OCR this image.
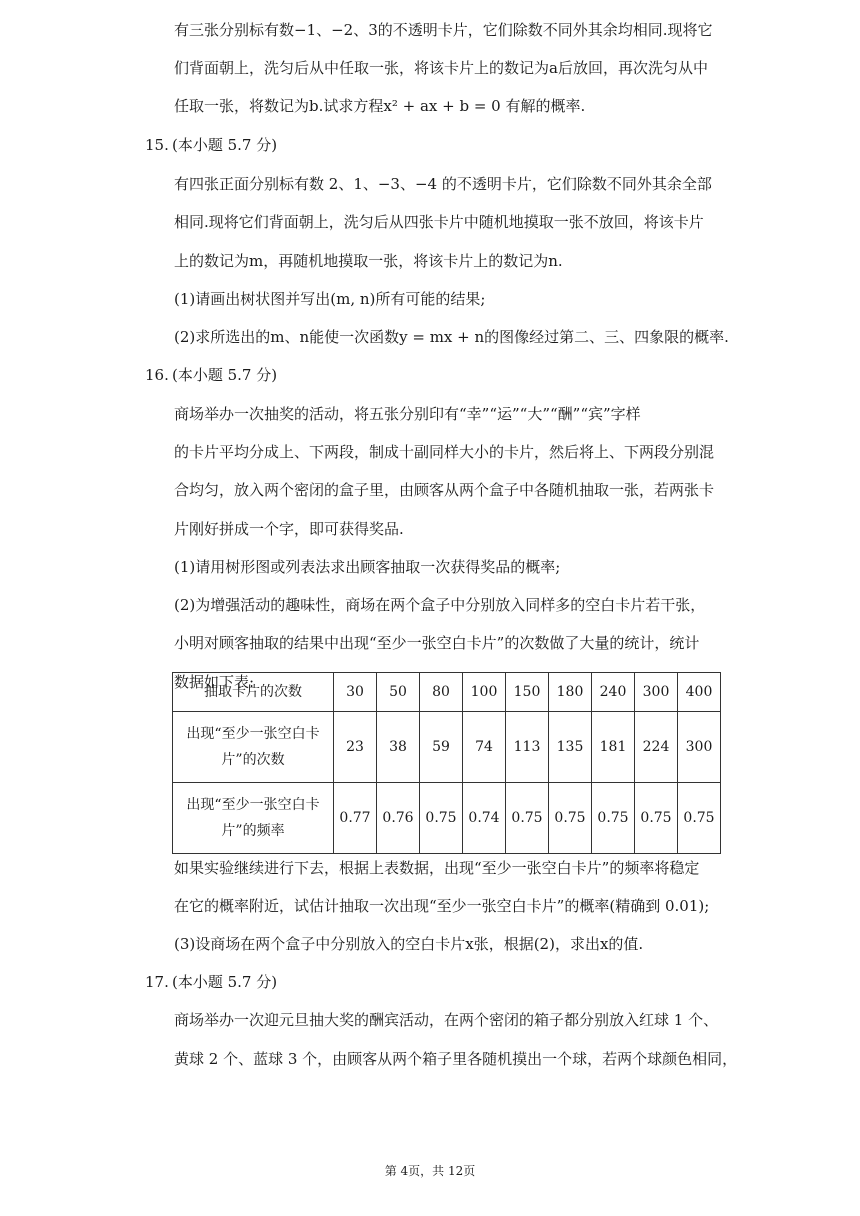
有三张分别标有数−1、−2、3的不透明卡片，它们除数不同外其余均相同.现将它
们背面朝上，洗匀后从中任取一张，将该卡片上的数记为a后放回，再次洗匀从中
任取一张，将数记为b.试求方程x² + ax + b = 0 有解的概率.
15. (本小题 5.7 分)
有四张正面分别标有数 2、1、−3、−4 的不透明卡片，它们除数不同外其余全部
相同.现将它们背面朝上，洗匀后从四张卡片中随机地摸取一张不放回，将该卡片
上的数记为m，再随机地摸取一张，将该卡片上的数记为n.
(1)请画出树状图并写出(m, n)所有可能的结果;
(2)求所选出的m、n能使一次函数y = mx + n的图像经过第二、三、四象限的概率.
16. (本小题 5.7 分)
商场举办一次抽奖的活动，将五张分别印有“幸”“运”“大”“酬”“宾”字样
的卡片平均分成上、下两段，制成十副同样大小的卡片，然后将上、下两段分别混
合均匀，放入两个密闭的盒子里，由顾客从两个盒子中各随机抽取一张，若两张卡
片刚好拼成一个字，即可获得奖品.
(1)请用树形图或列表法求出顾客抽取一次获得奖品的概率;
(2)为增强活动的趣味性，商场在两个盒子中分别放入同样多的空白卡片若干张，
小明对顾客抽取的结果中出现“至少一张空白卡片”的次数做了大量的统计，统计
数据如下表:
抽取卡片的次数	30	50	80	100	150	180	240	300	400

出现“至少一张空白卡
片”的次数	23	38	59	74	113	135	181	224	300

出现“至少一张空白卡
片”的频率	0.77	0.76	0.75	0.74	0.75	0.75	0.75	0.75	0.75
如果实验继续进行下去，根据上表数据，出现“至少一张空白卡片”的频率将稳定
在它的概率附近，试估计抽取一次出现“至少一张空白卡片”的概率(精确到 0.01);
(3)设商场在两个盒子中分别放入的空白卡片x张，根据(2)，求出x的值.
17. (本小题 5.7 分)
商场举办一次迎元旦抽大奖的酬宾活动，在两个密闭的箱子都分别放入红球 1 个、
黄球 2 个、蓝球 3 个，由顾客从两个箱子里各随机摸出一个球，若两个球颜色相同，
第 4页，共 12页
